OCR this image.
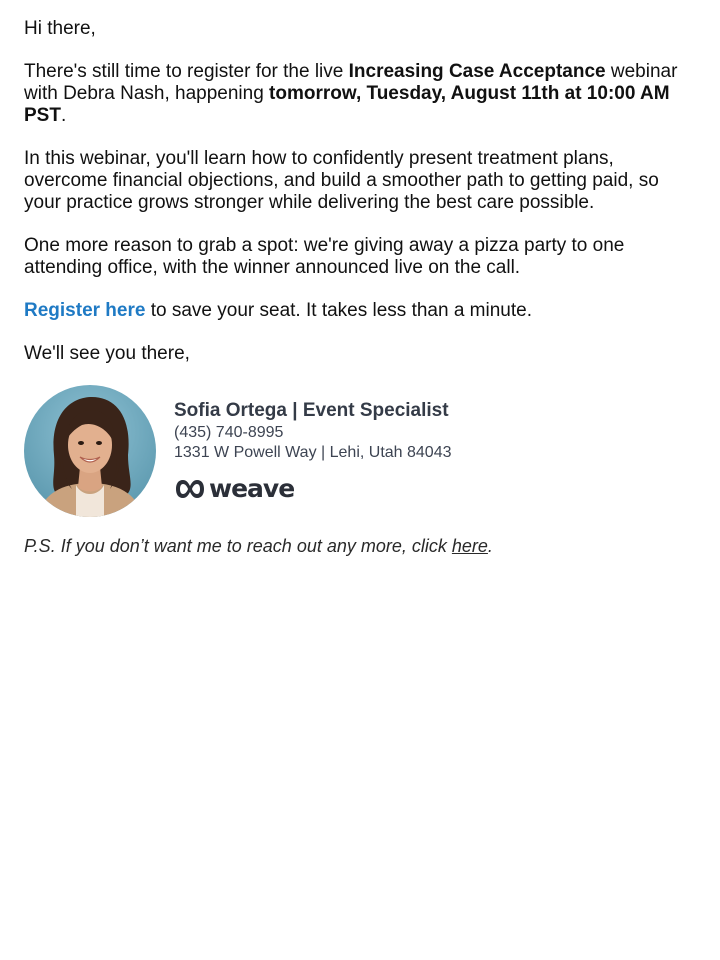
Hi there,

There's still time to register for the live Increasing Case Acceptance webinar with Debra Nash, happening tomorrow, Tuesday, August 11th at 10:00 AM PST.

In this webinar, you'll learn how to confidently present treatment plans, overcome financial objections, and build a smoother path to getting paid, so your practice grows stronger while delivering the best care possible.

One more reason to grab a spot: we're giving away a pizza party to one attending office, with the winner announced live on the call.

Register here to save your seat. It takes less than a minute.

We'll see you there,

Sofia Ortega | Event Specialist
(435) 740-8995
1331 W Powell Way | Lehi, Utah 84043
weave
P.S. If you don’t want me to reach out any more, click here.
